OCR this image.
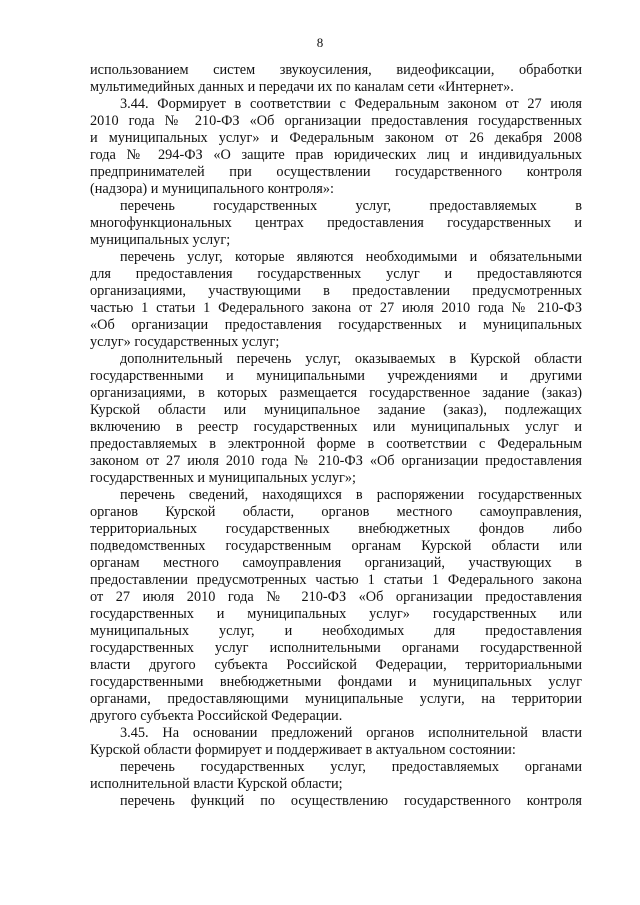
8
использованием систем звукоусиления, видеофиксации, обработки
мультимедийных данных и передачи их по каналам сети «Интернет».
3.44. Формирует в соответствии с Федеральным законом от 27 июля
2010 года № 210-ФЗ «Об организации предоставления государственных
и муниципальных услуг» и Федеральным законом от 26 декабря 2008
года № 294-ФЗ «О защите прав юридических лиц и индивидуальных
предпринимателей при осуществлении государственного контроля
(надзора) и муниципального контроля»:
перечень государственных услуг, предоставляемых в
многофункциональных центрах предоставления государственных и
муниципальных услуг;
перечень услуг, которые являются необходимыми и обязательными
для предоставления государственных услуг и предоставляются
организациями, участвующими в предоставлении предусмотренных
частью 1 статьи 1 Федерального закона от 27 июля 2010 года № 210-ФЗ
«Об организации предоставления государственных и муниципальных
услуг» государственных услуг;
дополнительный перечень услуг, оказываемых в Курской области
государственными и муниципальными учреждениями и другими
организациями, в которых размещается государственное задание (заказ)
Курской области или муниципальное задание (заказ), подлежащих
включению в реестр государственных или муниципальных услуг и
предоставляемых в электронной форме в соответствии с Федеральным
законом от 27 июля 2010 года № 210-ФЗ «Об организации предоставления
государственных и муниципальных услуг»;
перечень сведений, находящихся в распоряжении государственных
органов Курской области, органов местного самоуправления,
территориальных государственных внебюджетных фондов либо
подведомственных государственным органам Курской области или
органам местного самоуправления организаций, участвующих в
предоставлении предусмотренных частью 1 статьи 1 Федерального закона
от 27 июля 2010 года № 210-ФЗ «Об организации предоставления
государственных и муниципальных услуг» государственных или
муниципальных услуг, и необходимых для предоставления
государственных услуг исполнительными органами государственной
власти другого субъекта Российской Федерации, территориальными
государственными внебюджетными фондами и муниципальных услуг
органами, предоставляющими муниципальные услуги, на территории
другого субъекта Российской Федерации.
3.45. На основании предложений органов исполнительной власти
Курской области формирует и поддерживает в актуальном состоянии:
перечень государственных услуг, предоставляемых органами
исполнительной власти Курской области;
перечень функций по осуществлению государственного контроля
